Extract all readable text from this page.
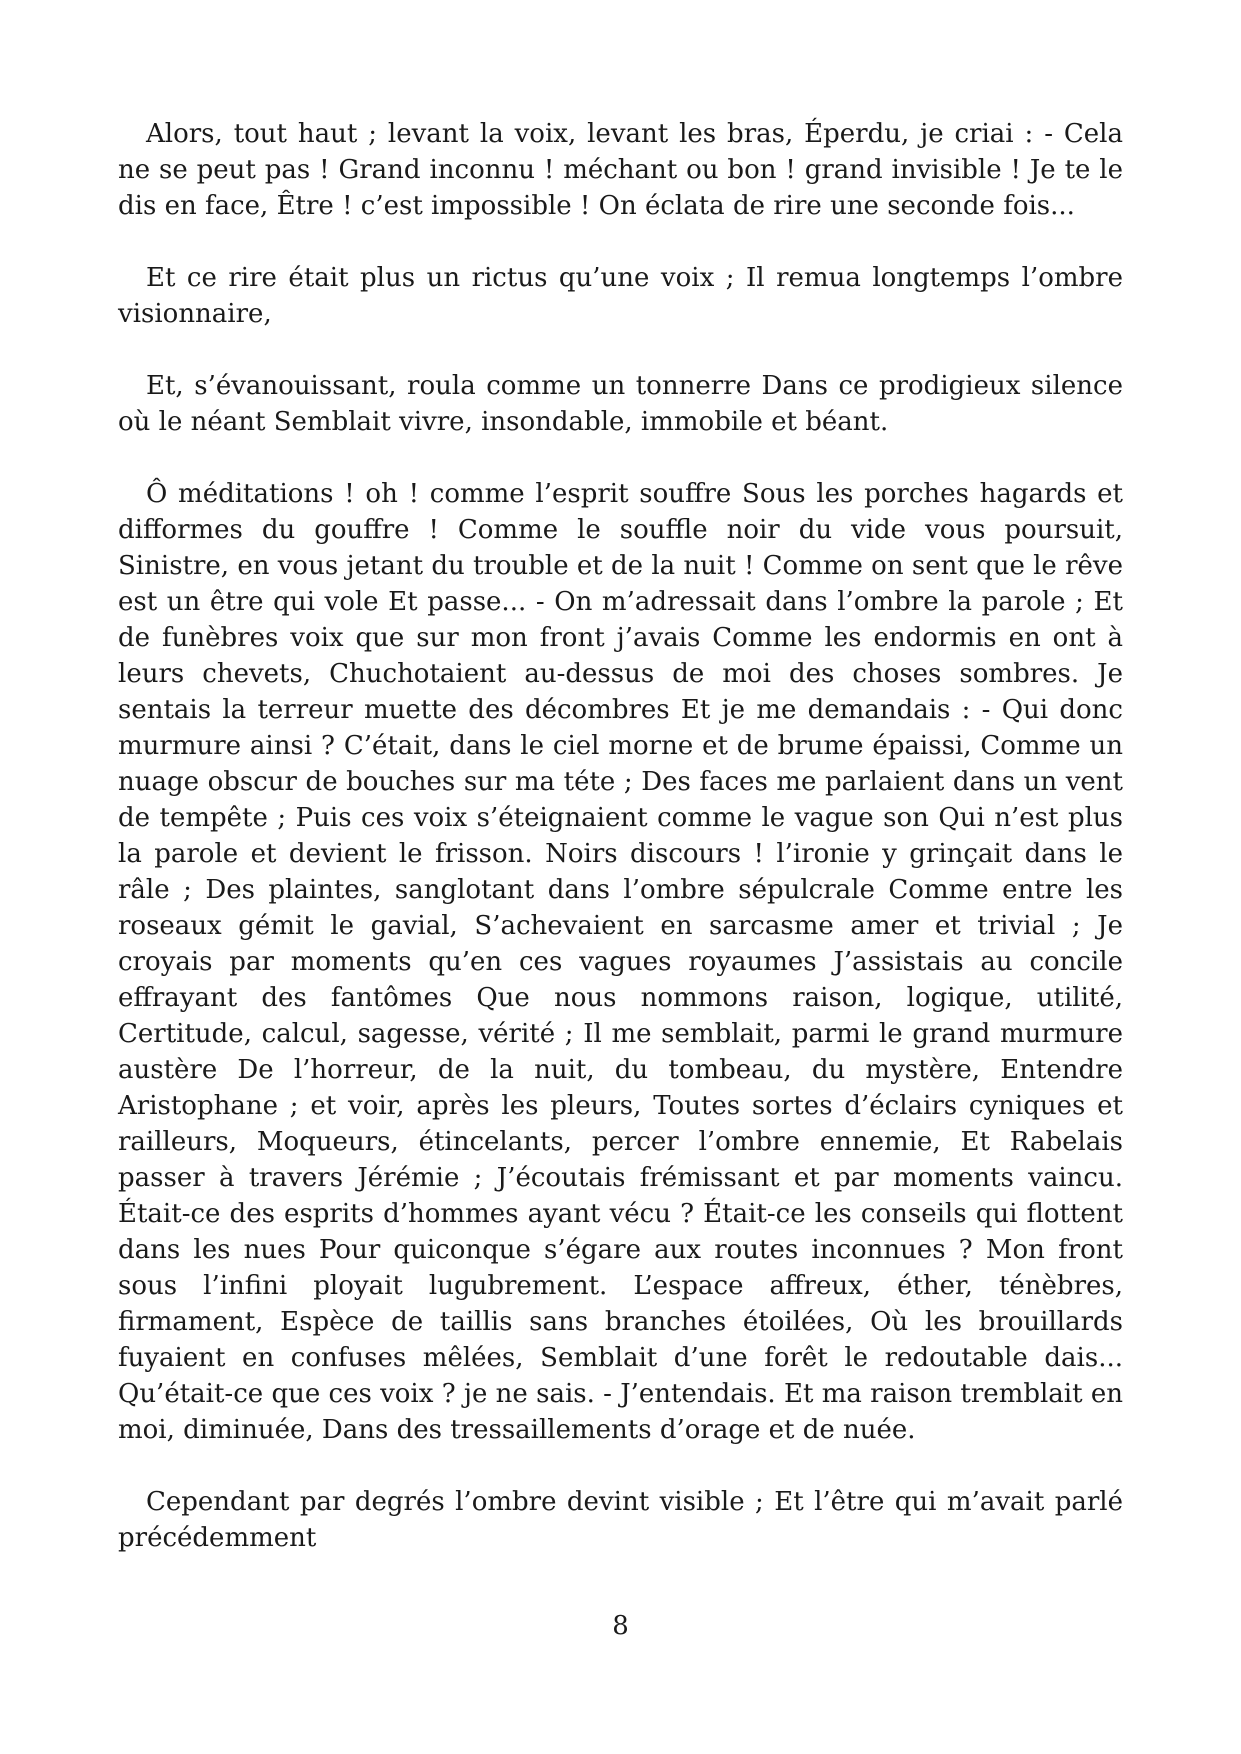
Alors, tout haut ; levant la voix, levant les bras, Éperdu, je criai : - Cela ne se peut pas ! Grand inconnu ! méchant ou bon ! grand invisible ! Je te le dis en face, Être ! c’est impossible ! On éclata de rire une seconde fois...

Et ce rire était plus un rictus qu’une voix ; Il remua longtemps l’ombre visionnaire,

Et, s’évanouissant, roula comme un tonnerre Dans ce prodigieux silence où le néant Semblait vivre, insondable, immobile et béant.

Ô méditations ! oh ! comme l’esprit souffre Sous les porches hagards et difformes du gouffre ! Comme le souffle noir du vide vous poursuit, Sinistre, en vous jetant du trouble et de la nuit ! Comme on sent que le rêve est un être qui vole Et passe... - On m’adressait dans l’ombre la parole ; Et de funèbres voix que sur mon front j’avais Comme les endormis en ont à leurs chevets, Chuchotaient au-dessus de moi des choses sombres. Je sentais la terreur muette des décombres Et je me demandais : - Qui donc murmure ainsi ? C’était, dans le ciel morne et de brume épaissi, Comme un nuage obscur de bouches sur ma téte ; Des faces me parlaient dans un vent de tempête ; Puis ces voix s’éteignaient comme le vague son Qui n’est plus la parole et devient le frisson. Noirs discours ! l’ironie y grinçait dans le râle ; Des plaintes, sanglotant dans l’ombre sépulcrale Comme entre les roseaux gémit le gavial, S’achevaient en sarcasme amer et trivial ; Je croyais par moments qu’en ces vagues royaumes J’assistais au concile effrayant des fantômes Que nous nommons raison, logique, utilité, Certitude, calcul, sagesse, vérité ; Il me semblait, parmi le grand murmure austère De l’horreur, de la nuit, du tombeau, du mystère, Entendre Aristophane ; et voir, après les pleurs, Toutes sortes d’éclairs cyniques et railleurs, Moqueurs, étincelants, percer l’ombre ennemie, Et Rabelais passer à travers Jérémie ; J’écoutais frémissant et par moments vaincu. Était-ce des esprits d’hommes ayant vécu ? Était-ce les conseils qui flottent dans les nues Pour quiconque s’égare aux routes inconnues ? Mon front sous l’infini ployait lugubrement. L’espace affreux, éther, ténèbres, firmament, Espèce de taillis sans branches étoilées, Où les brouillards fuyaient en confuses mêlées, Semblait d’une forêt le redoutable dais... Qu’était-ce que ces voix ? je ne sais. - J’entendais. Et ma raison tremblait en moi, diminuée, Dans des tressaillements d’orage et de nuée.

Cependant par degrés l’ombre devint visible ; Et l’être qui m’avait parlé précédemment

8
